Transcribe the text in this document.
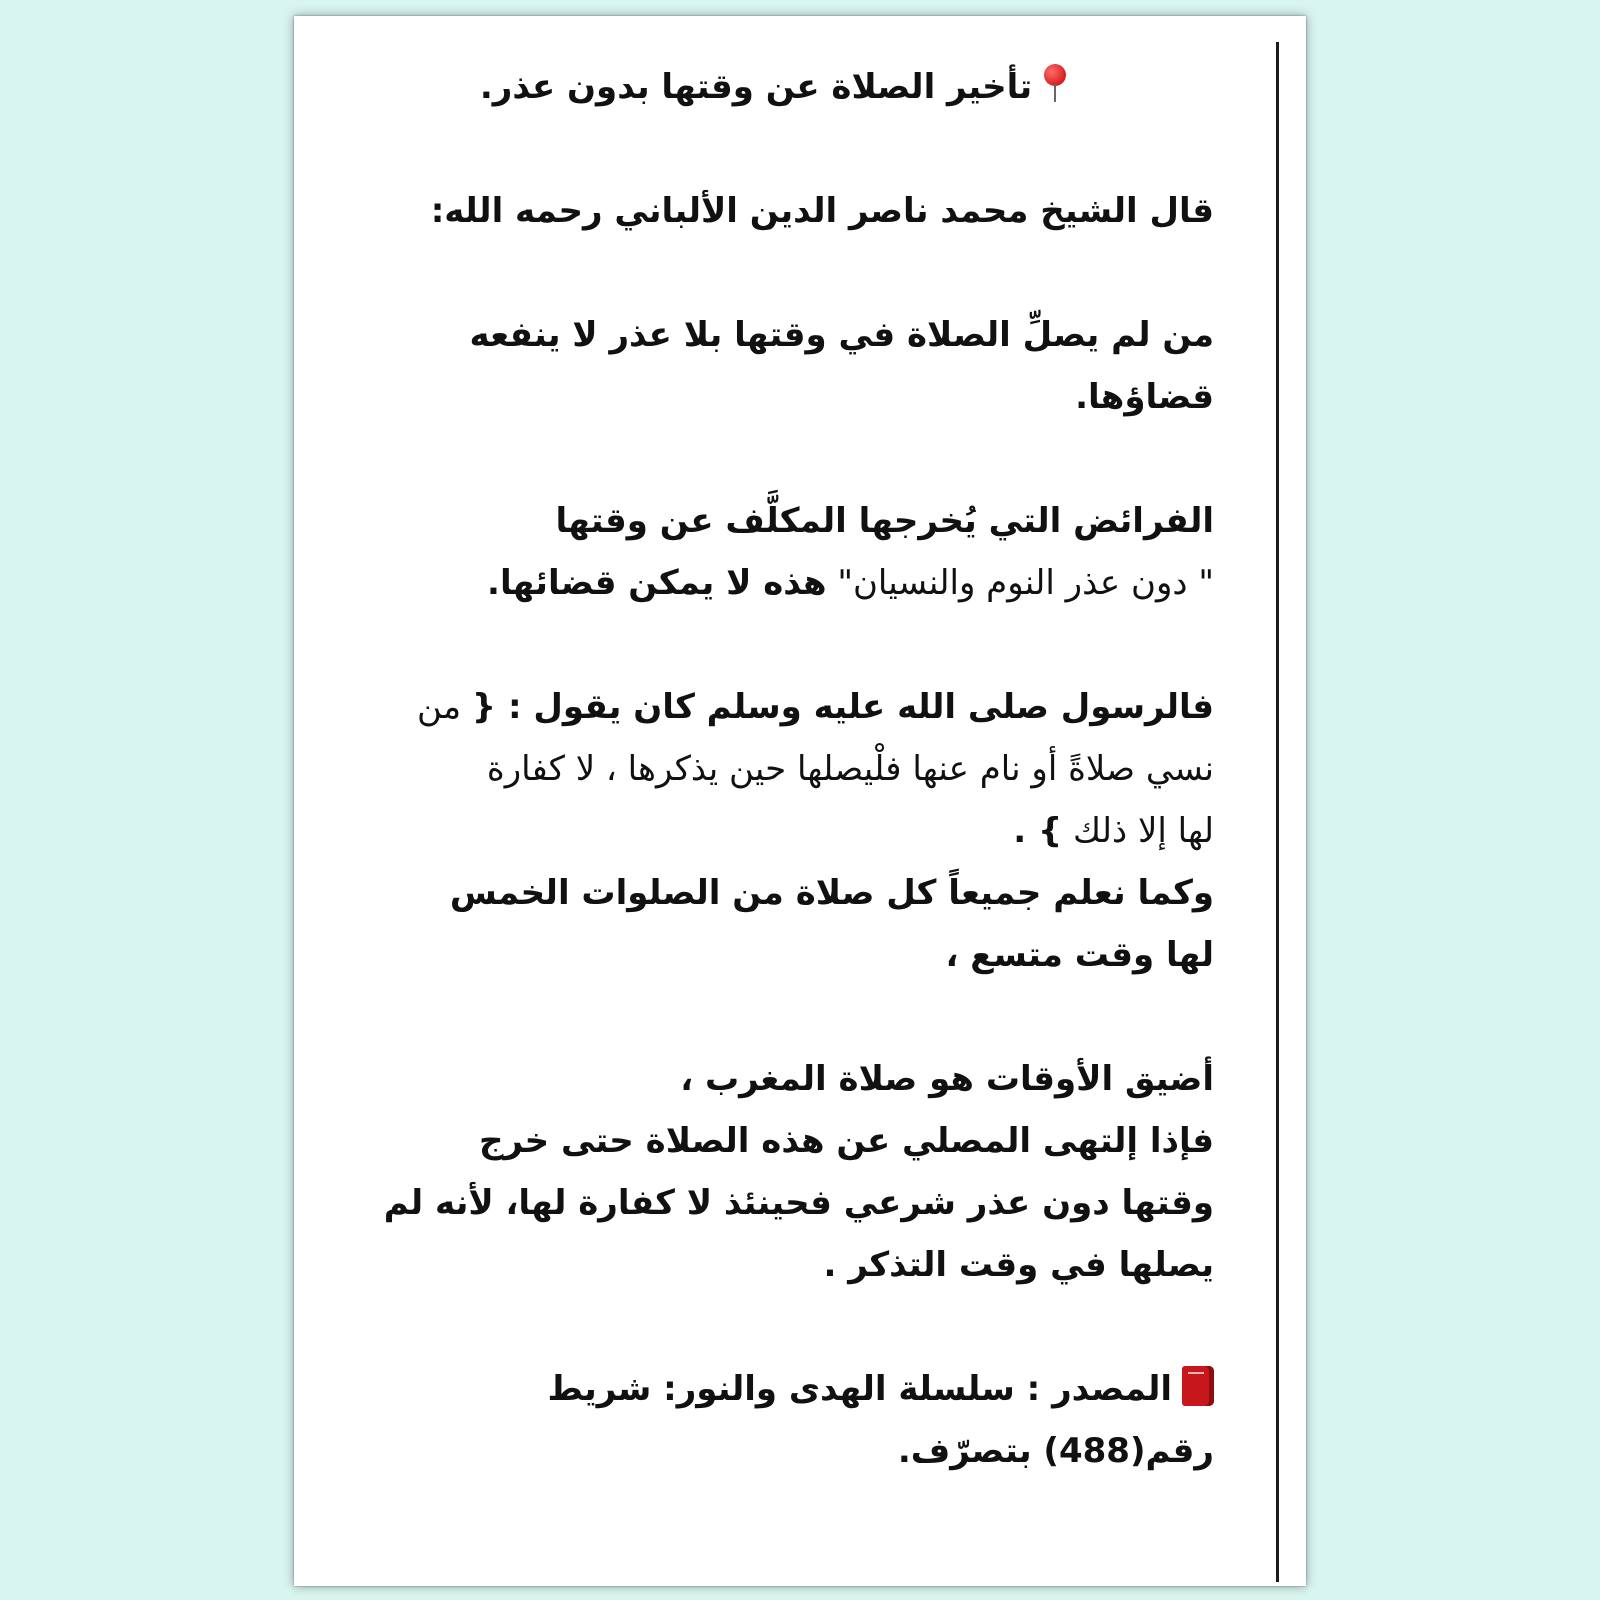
تأخير الصلاة عن وقتها بدون عذر.
قال الشيخ محمد ناصر الدين الألباني رحمه الله:
من لم يصلِّ الصلاة في وقتها بلا عذر لا ينفعه
قضاؤها.
الفرائض التي يُخرجها المكلَّف عن وقتها
" دون عذر النوم والنسيان" هذه لا يمكن قضائها.
فالرسول صلى الله عليه وسلم كان يقول : { من
نسي صلاةً أو نام عنها فلْيصلها حين يذكرها ، لا كفارة
لها إلا ذلك } .
وكما نعلم جميعاً كل صلاة من الصلوات الخمس
لها وقت متسع ،
أضيق الأوقات هو صلاة المغرب ،
فإذا إلتهى المصلي عن هذه الصلاة حتى خرج
وقتها دون عذر شرعي فحينئذ لا كفارة لها، لأنه لم
يصلها في وقت التذكر .
المصدر : سلسلة الهدى والنور: شريط
رقم(488) بتصرّف.
